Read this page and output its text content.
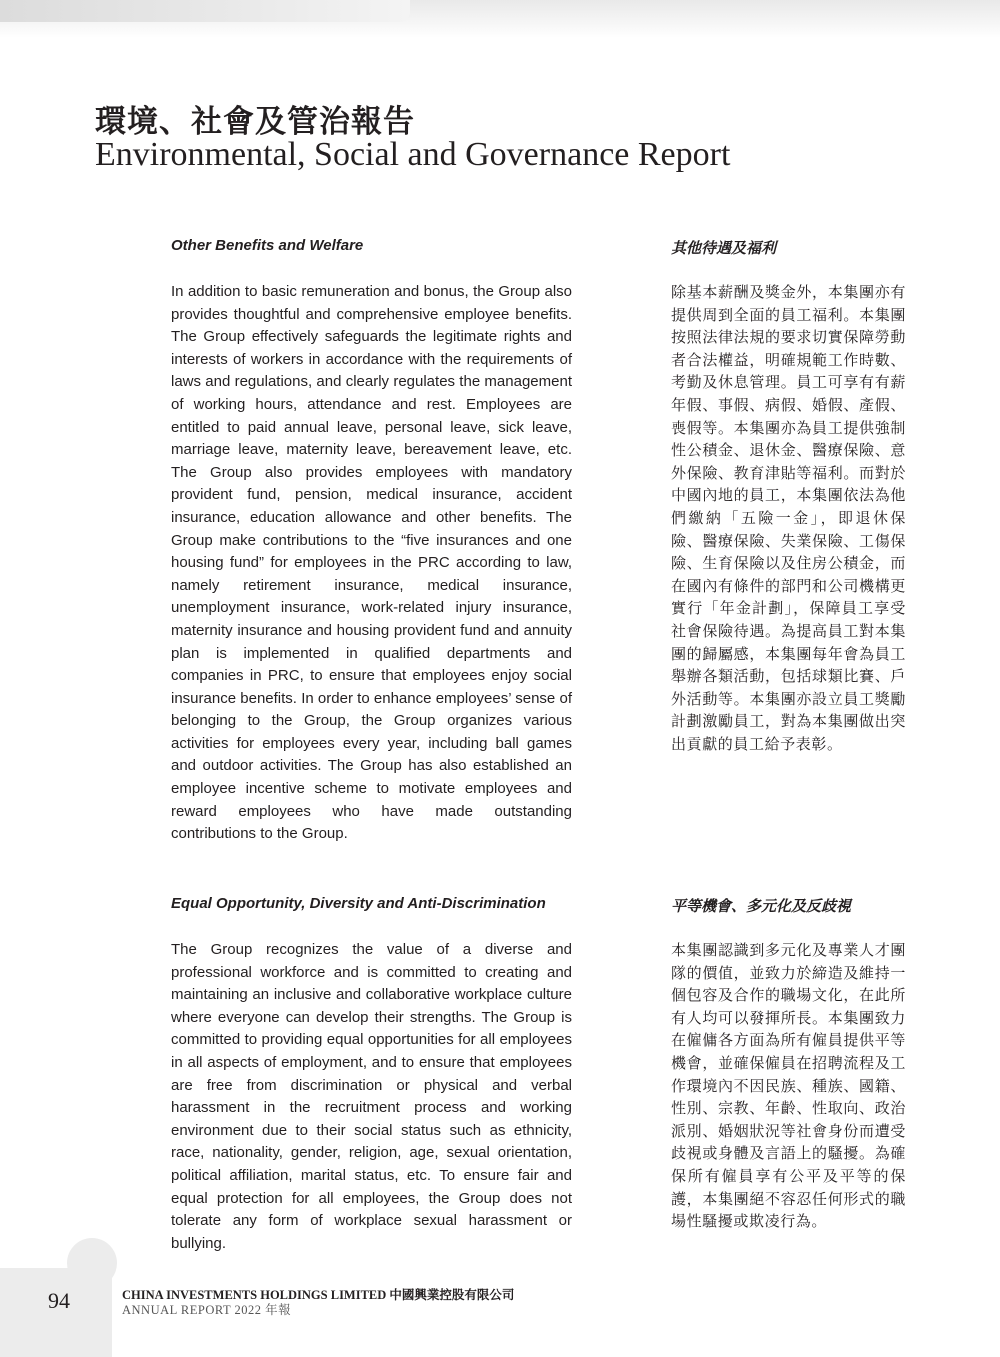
環境、社會及管治報告
Environmental, Social and Governance Report
Other Benefits and Welfare	其他待遇及福利
In addition to basic remuneration and bonus, the Group also provides thoughtful and comprehensive employee benefits. The Group effectively safeguards the legitimate rights and interests of workers in accordance with the requirements of laws and regulations, and clearly regulates the management of working hours, attendance and rest. Employees are entitled to paid annual leave, personal leave, sick leave, marriage leave, maternity leave, bereavement leave, etc. The Group also provides employees with mandatory provident fund, pension, medical insurance, accident insurance, education allowance and other benefits. The Group make contributions to the “five insurances and one housing fund” for employees in the PRC according to law, namely retirement insurance, medical insurance, unemployment insurance, work-related injury insurance, maternity insurance and housing provident fund and annuity plan is implemented in qualified departments and companies in PRC, to ensure that employees enjoy social insurance benefits. In order to enhance employees’ sense of belonging to the Group, the Group organizes various activities for employees every year, including ball games and outdoor activities. The Group has also established an employee incentive scheme to motivate employees and reward employees who have made outstanding contributions to the Group.
除基本薪酬及獎金外，本集團亦有提供周到全面的員工福利。本集團按照法律法規的要求切實保障勞動者合法權益，明確規範工作時數、考勤及休息管理。員工可享有有薪年假、事假、病假、婚假、產假、喪假等。本集團亦為員工提供強制性公積金、退休金、醫療保險、意外保險、教育津貼等福利。而對於中國內地的員工，本集團依法為他們繳納「五險一金」，即退休保險、醫療保險、失業保險、工傷保險、生育保險以及住房公積金，而在國內有條件的部門和公司機構更實行「年金計劃」，保障員工享受社會保險待遇。為提高員工對本集團的歸屬感，本集團每年會為員工舉辦各類活動，包括球類比賽、戶外活動等。本集團亦設立員工獎勵計劃激勵員工，對為本集團做出突出貢獻的員工給予表彰。
Equal Opportunity, Diversity and Anti-Discrimination	平等機會、多元化及反歧視
The Group recognizes the value of a diverse and professional workforce and is committed to creating and maintaining an inclusive and collaborative workplace culture where everyone can develop their strengths. The Group is committed to providing equal opportunities for all employees in all aspects of employment, and to ensure that employees are free from discrimination or physical and verbal harassment in the recruitment process and working environment due to their social status such as ethnicity, race, nationality, gender, religion, age, sexual orientation, political affiliation, marital status, etc. To ensure fair and equal protection for all employees, the Group does not tolerate any form of workplace sexual harassment or bullying.
本集團認識到多元化及專業人才團隊的價值，並致力於締造及維持一個包容及合作的職場文化，在此所有人均可以發揮所長。本集團致力在僱傭各方面為所有僱員提供平等機會，並確保僱員在招聘流程及工作環境內不因民族、種族、國籍、性別、宗教、年齡、性取向、政治派別、婚姻狀況等社會身份而遭受歧視或身體及言語上的騷擾。為確保所有僱員享有公平及平等的保護，本集團絕不容忍任何形式的職場性騷擾或欺凌行為。
94	CHINA INVESTMENTS HOLDINGS LIMITED 中國興業控股有限公司
ANNUAL REPORT 2022 年報
